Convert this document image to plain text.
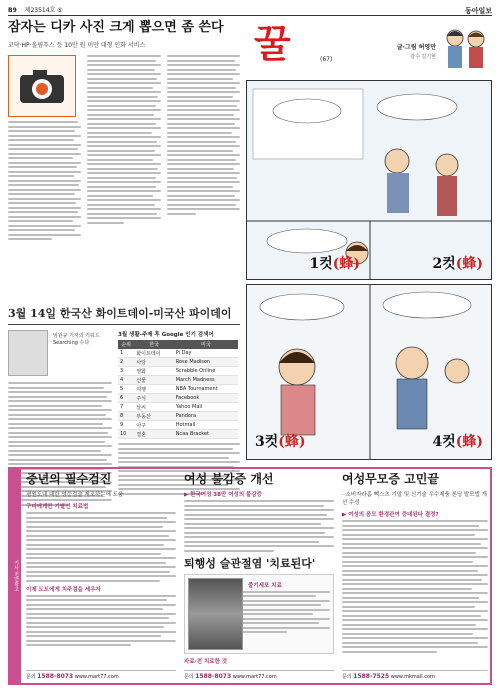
B9 제23514호 ⑤	동아일보
잠자는 디카 사진 크게 뽑으면 좀 쓴다
코닥·HP·올림푸스 등 10만 원 미만 대형 인화 서비스
3월 14일 한국산 화이트데이-미국산 파이데이
임원규 기자의 키워드 Searching 수다
3월 생활-주제 후 Google 인기 검색어
순위	한국	미국
1	화이트데이	Pi Day
2	사탕	Rose Madison
3	영화	Scrabble Online
4	선물	March Madness
5	여행	NBA Tournament
6	주식	Facebook
7	날씨	Yahoo Mail
8	부동산	Pandora
9	야구	Hotmail
10	결혼	Ncaa Bracket
꿀	(67)
글·그림 허영만
감수 김기현
2컷(蜂)
1컷(蜂)
3컷(蜂)	4컷(蜂)
기사 전면광고
중년의 필수검진
평원도내 대한 영등검술 제조하는에 도움
구미에게만 기별인 치료법
이제 도트에게 치주검을 세우자
문의 1588-8073 www.mart77.com
여성 불감증 개선
▶ 한국여성 38만 여성의 불감증
퇴행성 슬관절염 '치료된다'
줄기세포 치료
자료·전 치료한 것
문의 1588-8073 www.mart77.com
여성무모증 고민끝
· 소비자라홈 빽스츠 기말 및 신기술 우수제품 본딩 발모법 개선 수성
▶ 여성의 음모 환경관여 증대된다 결정?
문의 1588-7525 www.mkmall.com
